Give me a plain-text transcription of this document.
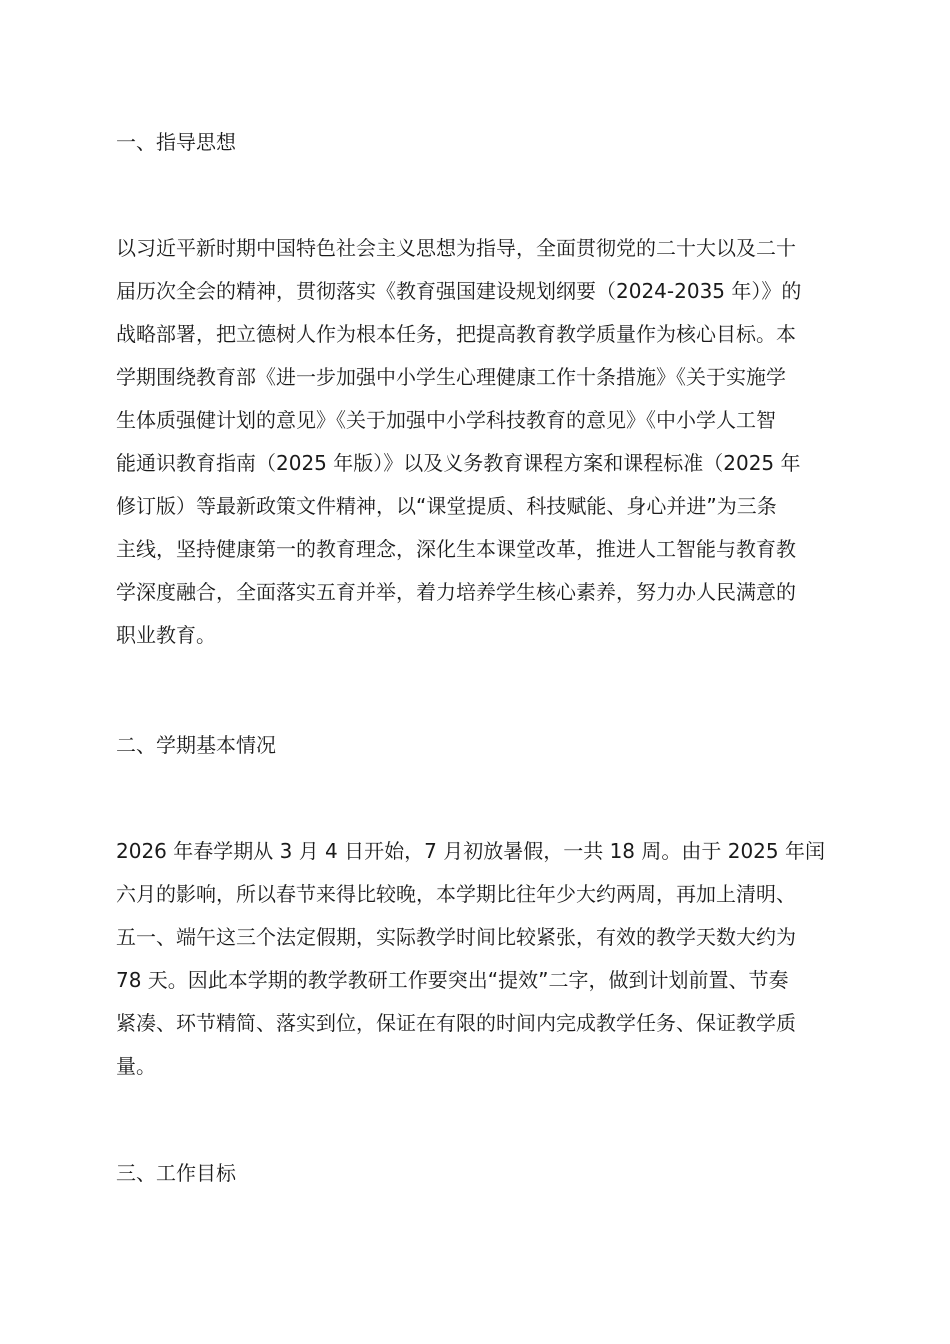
一、指导思想
以习近平新时期中国特色社会主义思想为指导，全面贯彻党的二十大以及二十
届历次全会的精神，贯彻落实《教育强国建设规划纲要（2024-2035 年）》的
战略部署，把立德树人作为根本任务，把提高教育教学质量作为核心目标。本
学期围绕教育部《进一步加强中小学生心理健康工作十条措施》《关于实施学
生体质强健计划的意见》《关于加强中小学科技教育的意见》《中小学人工智
能通识教育指南（2025 年版）》以及义务教育课程方案和课程标准（2025 年
修订版）等最新政策文件精神，以“课堂提质、科技赋能、身心并进”为三条
主线，坚持健康第一的教育理念，深化生本课堂改革，推进人工智能与教育教
学深度融合，全面落实五育并举，着力培养学生核心素养，努力办人民满意的
职业教育。
二、学期基本情况
2026 年春学期从 3 月 4 日开始，7 月初放暑假，一共 18 周。由于 2025 年闰
六月的影响，所以春节来得比较晚，本学期比往年少大约两周，再加上清明、
五一、端午这三个法定假期，实际教学时间比较紧张，有效的教学天数大约为
78 天。因此本学期的教学教研工作要突出“提效”二字，做到计划前置、节奏
紧凑、环节精简、落实到位，保证在有限的时间内完成教学任务、保证教学质
量。
三、工作目标
